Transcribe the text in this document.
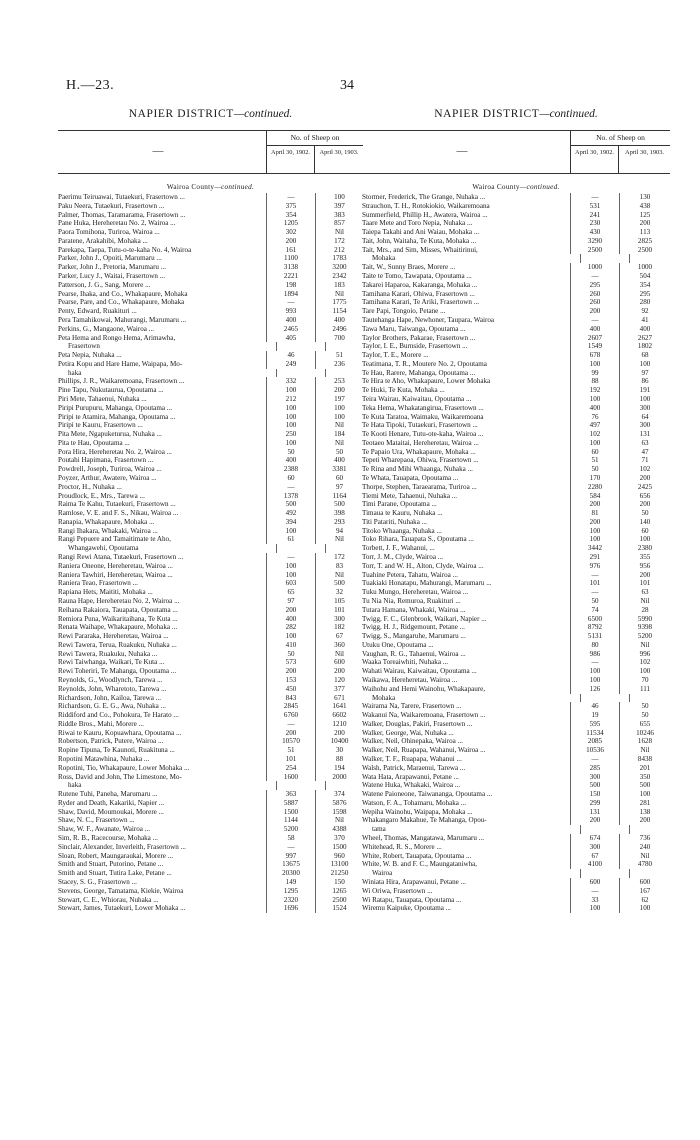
H.—23.	34
NAPIER DISTRICT—continued.
—
No. of Sheep on
April 30, 1902.	April 30, 1903.
Wairoa County—continued.
Paerimu Teiruawai, Tutaekuri, Frasertown ...	—	100
Paku Neera, Tutaekuri, Frasertown ...	375	397
Palmer, Thomas, Taramarama, Frasertown ...	354	383
Pane Huka, Hereheretau No. 2, Wairoa ...	1205	857
Paora Tomihona, Turiroa, Wairoa ...	302	Nil
Paratene, Arakahibi, Mohaka ...	200	172
Parekapa, Taepa, Tutu-o-te-kaha No. 4, Wairoa	161	212
Parker, John J., Opoiti, Marumaru ...	1100	1783
Parker, John J., Pretoria, Marumaru ...	3138	3200
Parker, Lucy J., Waitai, Frasertown ...	2221	2342
Patterson, J. G., Sang, Morere ...	198	183
Pearse, Ihaka, and Co., Whakapaure, Mohaka	1894	Nil
Pearse, Pare, and Co., Whakapaure, Mohaka	—	1775
Penty, Edward, Ruakituri ...	993	1154
Pera Tamahikowai, Mahurangi, Marumaru ...	400	400
Perkins, G., Mangaone, Wairoa ...	2465	2496
Peta Hema and Rongo Hema, Arimawha,	405	700
Frasertown
Peta Nepia, Nuhaka ...	46	51
Petira Kopu and Hare Hame, Waipapa, Mo-	249	236
haka
Phillips, J. R., Waikaremoana, Frasertown ...	332	253
Pine Tapu, Nukutaurua, Opoutama ...	100	200
Piri Mete, Tahaenui, Nuhaka ...	212	197
Piripi Purupuru, Mahanga, Opoutama ...	100	100
Piripi te Atamira, Mahanga, Opoutama ...	100	100
Piripi te Kauru, Frasertown ...	100	Nil
Pita Mete, Ngapuketurua, Nuhaka ...	250	184
Pita te Hau, Opoutama ...	100	Nil
Pora Hira, Hereheretau No. 2, Wairoa ...	50	50
Poutahi Hapimana, Frasertown ...	400	400
Powdrell, Joseph, Turiroa, Wairoa ...	2388	3381
Poyzer, Arthur, Awatere, Wairoa ...	60	60
Proctor, H., Nuhaka ...	—	97
Proudlock, E., Mrs., Tarewa ...	1378	1164
Raima Te Kahu, Tutaekuri, Frasertown ...	500	500
Ramlose, V. E. and F. S., Nikau, Wairoa ...	492	398
Ranapia, Whakapaure, Mohaka ...	394	293
Rangi Ihakara, Whakaki, Wairoa ...	100	94
Rangi Pepuere and Tamaitimate te Aho,	61	Nil
Whangawehi, Opoutama
Rangi Rewi Atana, Tutaekuri, Frasertown ...	—	172
Raniera Oneone, Hereheretau, Wairoa ...	100	83
Raniera Tawhiri, Hereheretau, Wairoa ...	100	Nil
Raniera Teao, Frasertown ...	603	500
Rapiana Hets, Maititi, Mohaka ...	65	32
Rauna Hape, Hereheretau No. 2, Wairoa ...	97	105
Reihana Rakaiora, Tauapata, Opoutama ...	200	101
Remiora Puna, Waikaritaihana, Te Kuta ...	400	300
Renata Waihape, Whakapaure, Mohaka ...	282	182
Rewi Pararaka, Hereheretau, Wairoa ...	100	67
Rewi Tawera, Terua, Ruakuku, Nuhaka ...	410	360
Rewi Tawera, Ruakuku, Nuhaka ...	50	Nil
Rewi Taiwhanga, Waikari, Te Kuta ...	573	600
Rewi Toheriri, Te Mahanga, Opoutama ...	200	200
Reynolds, G., Woodlynch, Tarewa ...	153	120
Reynolds, John, Wharetoto, Tarewa ...	450	377
Richardson, John, Kailoa, Tarewa ...	843	671
Richardson, G. E. G., Awa, Nuhaka ...	2845	1641
Riddiford and Co., Pohokura, Te Harato ...	6760	6602
Riddle Bros., Mahi, Morere ...	—	1210
Riwai te Kauru, Kopuawhara, Opoutama ...	200	200
Robertson, Patrick, Putere, Wairoa ...	10570	10400
Ropine Tipuna, Te Kaunoti, Ruakituna ...	51	30
Ropotini Matawhina, Nuhaka ...	101	88
Ropotini, Tio, Whakapaure, Lower Mohaka ...	254	194
Ross, David and John, The Limestone, Mo-	1600	2000
haka
Rutene Tuhi, Paneha, Marumaru ...	363	374
Ryder and Death, Kakariki, Napier ...	5887	5876
Shaw, David, Moumoukai, Morere ...	1500	1598
Shaw, N. C., Frasertown ...	1144	Nil
Shaw, W. F., Awanate, Wairoa ...	5200	4388
Sim, R. B., Racecourse, Mohaka ...	58	370
Sinclair, Alexander, Inverleith, Frasertown ...	—	1500
Sloan, Robert, Maungaraukai, Morere ...	997	960
Smith and Stuart, Putorino, Petane ...	13675	13100
Smith and Stuart, Tutira Lake, Petane ...	20300	21250
Stacey, S. G., Frasertown ...	149	150
Stevens, George, Tamatama, Kiekie, Wairoa	1295	1265
Stewart, C. E., Whiorau, Nuhaka ...	2320	2500
Stewart, James, Tutaekuri, Lower Mohaka ...	1696	1524
NAPIER DISTRICT—continued.
—
No. of Sheep on
April 30, 1902.	April 30, 1903.
Wairoa County—continued.
Stormer, Frederick, The Grange, Nuhaka ...	—	130
Strauchon, T. H., Rotokiokio, Waikaremoana	531	438
Summerfield, Phillip H., Awatera, Wairoa ...	241	125
Taare Mete and Toro Nepia, Nuhaka ...	230	200
Taiepa Takahi and Ani Waiau, Mohaka ...	430	113
Tait, John, Waitaha, Te Kuta, Mohaka ...	3290	2825
Tait, Mrs., and Sim, Misses, Whaitirinui,	2500	2500
Mohaka
Tait, W., Sunny Braes, Morere ...	1000	1000
Taite te Tomo, Tawapata, Opoutama ...	—	504
Takarei Haparoa, Kakaranga, Mohaka ...	295	354
Tamihana Karari, Ohiwa, Frasertown ...	260	295
Tamihana Karari, Te Ariki, Frasertown ...	260	280
Tare Papi, Tongoio, Petane ...	200	92
Tautehanga Hape, Newhoner, Taupara, Wairoa	—	41
Tawa Maru, Taiwanga, Opoutama ...	400	400
Taylor Brothers, Pakarae, Frasertown ...	2607	2627
Taylor, I. E., Burnside, Frasertown ...	1549	1802
Taylor, T. E., Morere ...	678	68
Teatimana, T. R., Moutere No. 2, Opoutama	100	100
Te Hau, Rarere, Mahanga, Opoutama ...	99	97
Te Hira te Aho, Whakapaure, Lower Mohaka	88	86
Te Huki, Te Kuta, Mohaka ...	192	191
Teira Wairau, Kaiwaitau, Opoutama ...	100	100
Teka Hema, Whakatangirua, Frasertown ...	400	300
Te Kuta Taratoa, Waimaku, Waikaremoana	76	64
Te Hata Tipoki, Tutaekuri, Frasertown ...	497	300
Te Kooti Henare, Tutu-ote-kaha, Wairoa ...	102	131
Teotaeo Mataitai, Hereheretau, Wairoa ...	100	63
Te Papaio Ura, Whakapaure, Mohaka ...	60	47
Tepeti Wharepaoa, Ohiwa, Frasertown ...	51	71
Te Rina and Mihi Whaanga, Nuhaka ...	50	102
Te Whata, Tauapata, Opoutama ...	170	200
Thorpe, Stephen, Taraearama, Turiroa ...	2280	2425
Tiemi Mete, Tahaenui, Nuhaka ...	584	656
Timi Parane, Opoutama ...	200	200
Timaua te Kauru, Nuhaka ...	81	50
Titi Patariti, Nuhaka ...	200	140
Titoko Whaanga, Nuhaka ...	100	60
Toko Rihara, Tauapata S., Opoutama ...	100	100
Torbett, J. F., Wahanui, ...	3442	2380
Torr, J. M., Clyde, Wairoa ...	291	355
Torr, T. and W. H., Alton, Clyde, Wairoa ...	976	956
Tuahine Petera, Tahatu, Wairoa ...	—	200
Tuakiaki Honatapu, Mahurangi, Marumaru ...	101	101
Tuku Mungo, Hereheretau, Wairoa ...	—	63
Tu Nia Nia, Remuroa, Ruakituri ...	50	Nil
Tutara Hamana, Whakaki, Wairoa ...	74	28
Twigg, F. C., Glenbrook, Waikari, Napier ...	6500	5990
Twigg, H. J., Ridgemount, Petane ...	8792	9398
Twigg, S., Mangaruhe, Marumaru ...	5131	5200
Utuku One, Opoutama ...	80	Nil
Vaughan, R. G., Tahaenui, Wairoa ...	986	996
Waaka Toreaiwhiti, Nuhaka ...	—	102
Wahati Wairau, Kaiwaitau, Opoutama ...	100	100
Waikawa, Hereheretau, Wairoa ...	100	70
Waihohu and Hemi Wainohu, Whakapaure,	126	111
Mohaka
Wairama Na, Tarere, Frasertown ...	46	50
Wakanui Na, Waikaremoana, Frasertown ...	19	50
Walker, Douglas, Pakiri, Frasertown ...	595	655
Walker, George, Wai, Nuhaka ...	11534	10246
Walker, Neil, Ohinepaka, Wairoa ...	2085	1628
Walker, Neil, Ruapapa, Wahanui, Wairoa ...	10536	Nil
Walker, T. F., Ruapapa, Wahanui ...	—	8438
Walsh, Patrick, Maraenui, Tarewa ...	285	201
Wata Hata, Arapawanui, Petane ...	300	350
Watene Huka, Whakaki, Wairoa ...	500	500
Watene Paioneone, Taiwananga, Opoutama ...	150	100
Watson, F. A., Tohamaru, Mohaka ...	299	281
Wepiha Wainohu, Waipapa, Mohaka ...	131	138
Whakangaro Makahue, Te Mahanga, Opou-	200	200
tama
Wheel, Thomas, Mangatawa, Marumaru ...	674	736
Whitehead, R. S., Morere ...	300	240
White, Robert, Tauapata, Opoutama ...	67	Nil
White, W. B. and F. C., Maungataniwha,	4100	4780
Wairoa
Winiata Hira, Arapawanui, Petane ...	600	600
Wi Oriwa, Frasertown ...	—	167
Wi Ratapu, Tauapata, Opoutama ...	33	62
Wiremu Kaipuke, Opoutama ...	100	100
